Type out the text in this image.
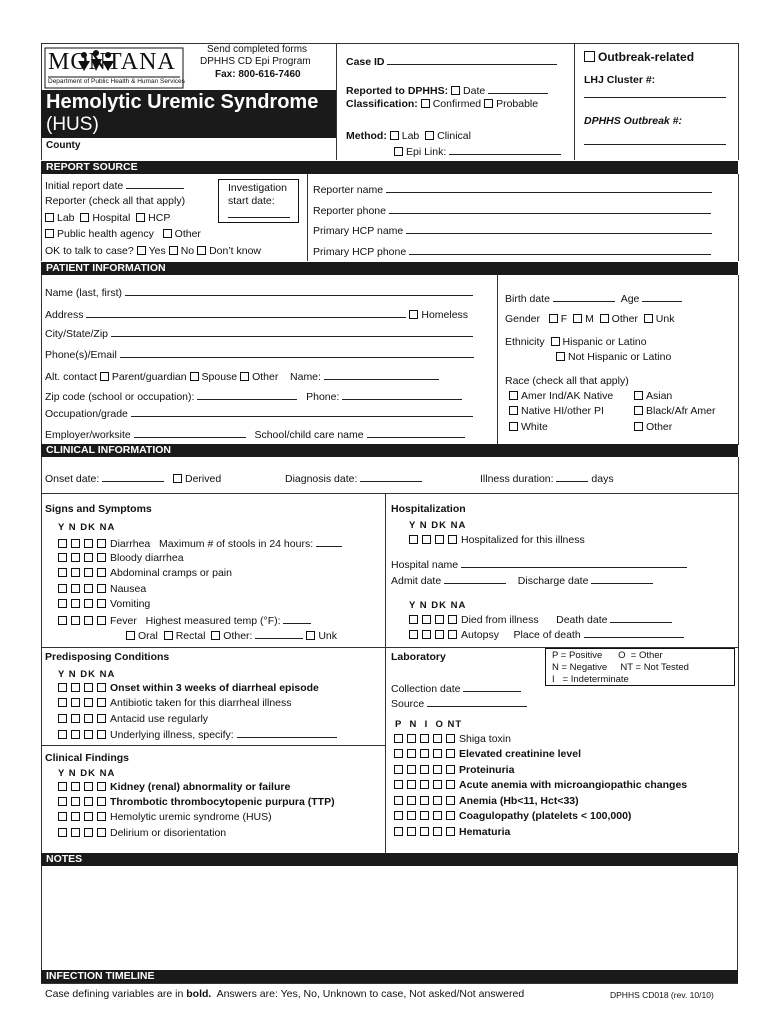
MONTANA
Department of Public Health & Human Services
Send completed forms
DPHHS CD Epi Program
Fax: 800-616-7460
Hemolytic Uremic Syndrome
(HUS)
County
Case ID
Reported to DPHHS: Date
Classification: Confirmed Probable
Method: Lab Clinical
Epi Link:
Outbreak-related
LHJ Cluster #:
DPHHS Outbreak #:
REPORT SOURCE
Initial report date
Reporter (check all that apply)
Lab Hospital HCP
Public health agency Other
OK to talk to case? Yes No Don’t know
Investigation
start date:
Reporter name
Reporter phone
Primary HCP name
Primary HCP phone
PATIENT INFORMATION
Name (last, first)
Address	Homeless
City/State/Zip
Phone(s)/Email
Alt. contact Parent/guardian Spouse Other Name:
Zip code (school or occupation):	Phone:
Occupation/grade
Employer/worksite	School/child care name
Birth date	Age
Gender F M Other Unk
Ethnicity Hispanic or Latino
Not Hispanic or Latino
Race (check all that apply)
Amer Ind/AK Native	Asian
Native HI/other PI	Black/Afr Amer
White	Other
CLINICAL INFORMATION
Onset date:	Derived	Diagnosis date:	Illness duration:	days
Signs and Symptoms
Y N DK NA
Diarrhea Maximum # of stools in 24 hours:
Bloody diarrhea
Abdominal cramps or pain
Nausea
Vomiting
Fever Highest measured temp (°F):
Oral Rectal Other:	Unk
Hospitalization
Y N DK NA
Hospitalized for this illness
Hospital name
Admit date	Discharge date
Y N DK NA
Died from illness Death date
Autopsy Place of death
Predisposing Conditions
Y N DK NA
Onset within 3 weeks of diarrheal episode
Antibiotic taken for this diarrheal illness
Antacid use regularly
Underlying illness, specify:
Clinical Findings
Y N DK NA
Kidney (renal) abnormality or failure
Thrombotic thrombocytopenic purpura (TTP)
Hemolytic uremic syndrome (HUS)
Delirium or disorientation
Laboratory	P = Positive      O  = Other
N = Negative     NT = Not Tested
I   = Indeterminate
Collection date
Source
P  N  I  O NT
Shiga toxin
Elevated creatinine level
Proteinuria
Acute anemia with microangiopathic changes
Anemia (Hb<11, Hct<33)
Coagulopathy (platelets < 100,000)
Hematuria
NOTES
INFECTION TIMELINE
Case defining variables are in bold.  Answers are: Yes, No, Unknown to case, Not asked/Not answered	DPHHS CD018 (rev. 10/10)
